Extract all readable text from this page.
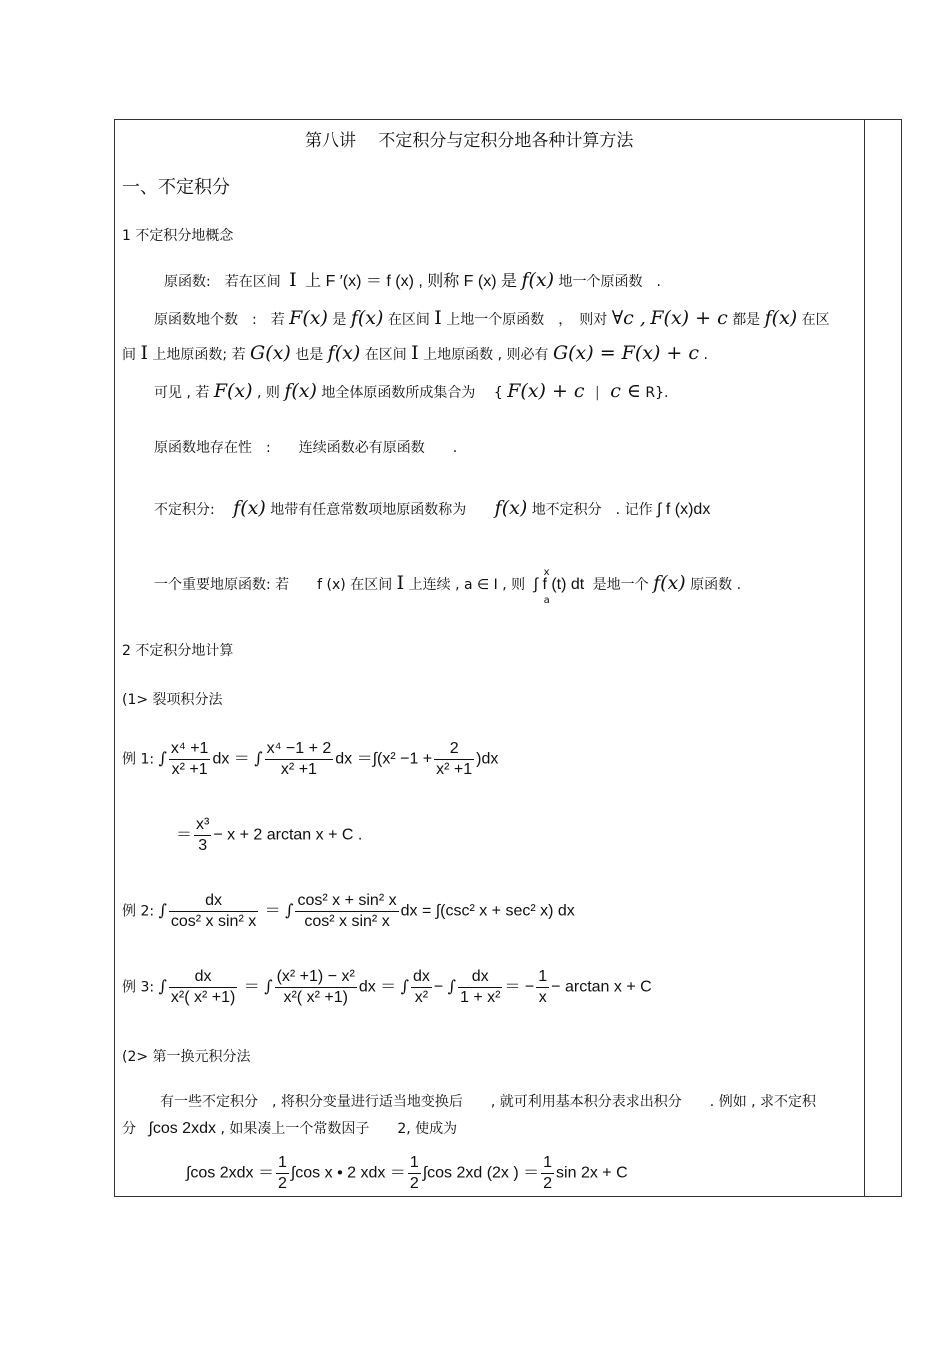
第八讲　 不定积分与定积分地各种计算方法
一、不定积分
1 不定积分地概念
原函数:　若在区间 I 上 F ′(x) ＝ f (x) , 则称 F (x) 是 f(x) 地一个原函数　.
原函数地个数　:　若 F(x) 是 f(x) 在区间 I 上地一个原函数　，　则对 ∀c , F(x) + c 都是 f(x) 在区
间 I 上地原函数; 若 G(x) 也是 f(x) 在区间 I 上地原函数 , 则必有 G(x) = F(x) + c .
可见 , 若 F(x) , 则 f(x) 地全体原函数所成集合为　 { F(x) + c | c ∈ R}.
原函数地存在性　:　　连续函数必有原函数　　.
不定积分: f(x) 地带有任意常数项地原函数称为 f(x) 地不定积分　. 记作 ∫ f (x)dx
一个重要地原函数: 若　　f (x) 在区间 I 上连续 , a ∈ I , 则
x
a
∫ f (t) dt 是地一个 f(x) 原函数 .
2 不定积分地计算
(1> 裂项积分法
例 1: ∫ $\frac{\text{x⁴ +1}}{\text{x² +1}}$ dx ＝ ∫ $\frac{\text{x⁴ −1 + 2}}{\text{x² +1}}$ dx $=\int(x^2 -1 + \frac{2}{\text{x² +1}} )dx$
＝ $\frac{\text{x³}}{3} - x + 2$ arctan x + C .
例 2: ∫ $\frac{dx}{\text{cos² x sin² x}}$ ＝ ∫ $\frac{\text{cos² x + sin² x}}{\text{cos² x sin² x}}$ dx = ∫(csc² x + sec² x) dx
例 3: ∫ $\frac{dx}{\text{x²( x² +1)}}$ ＝ ∫ $\frac{\text{(x² +1) − x²}}{\text{x²( x² +1)}}$ dx ＝ ∫ $\frac{dx}{\text{x²}}$ − ∫ $\frac{dx}{\text{1 + x²}}$ ＝ − $\frac{1}{x} - \arctan x + C$
(2> 第一换元积分法
有一些不定积分　, 将积分变量进行适当地变换后　　, 就可利用基本积分表求出积分　　. 例如 , 求不定积
分 ∫cos 2xdx , 如果凑上一个常数因子　　2, 使成为
∫cos $2xdx = \frac{1}{2} \int\cos$ x • 2 xdx ＝ $\frac{1}{2} \int\cos$ 2xd (2x ) ＝ $\frac{1}{2}$ sin 2x + C
